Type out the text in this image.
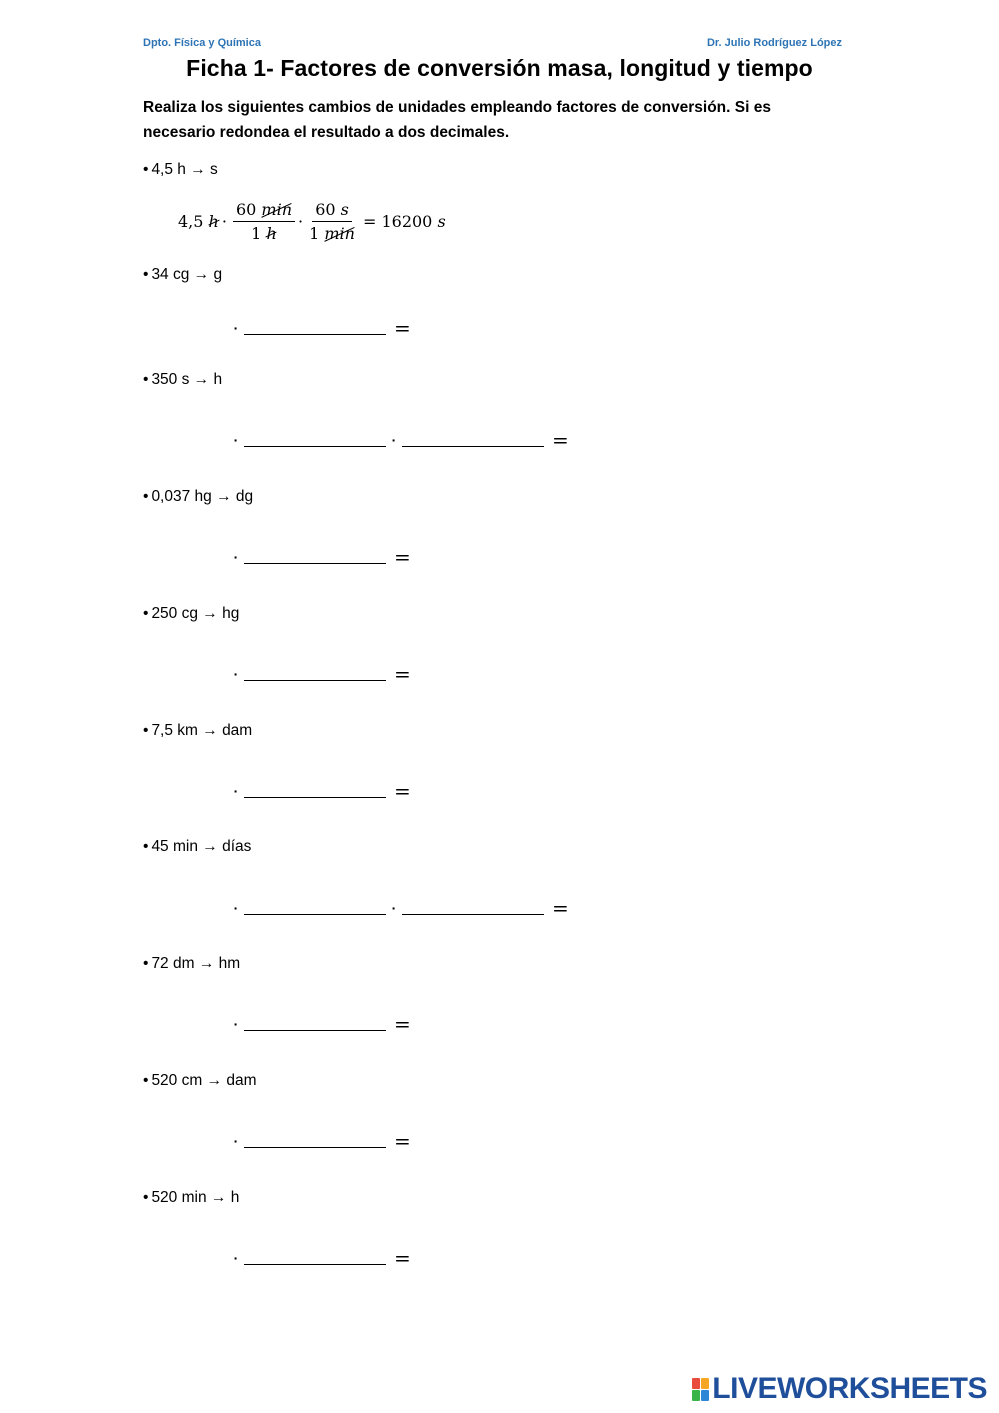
Dpto. Física y Química	Dr. Julio Rodríguez López
Ficha 1- Factores de conversión masa, longitud y tiempo
Realiza los siguientes cambios de unidades empleando factores de conversión. Si es necesario redondea el resultado a dos decimales.
• 4,5 h → s
4,5
$h \cdot \frac{60 \min}{1 h} \cdot \frac{60 s}{1 \min} = 16200$
s
• 34 cg → g
·	=
• 350 s → h
·	·	=
• 0,037 hg → dg
·	=
• 250 cg → hg
·	=
• 7,5 km → dam
·	=
• 45 min → días
·	·	=
• 72 dm → hm
·	=
• 520 cm → dam
·	=
• 520 min → h
·	=
LIVEWORKSHEETS
